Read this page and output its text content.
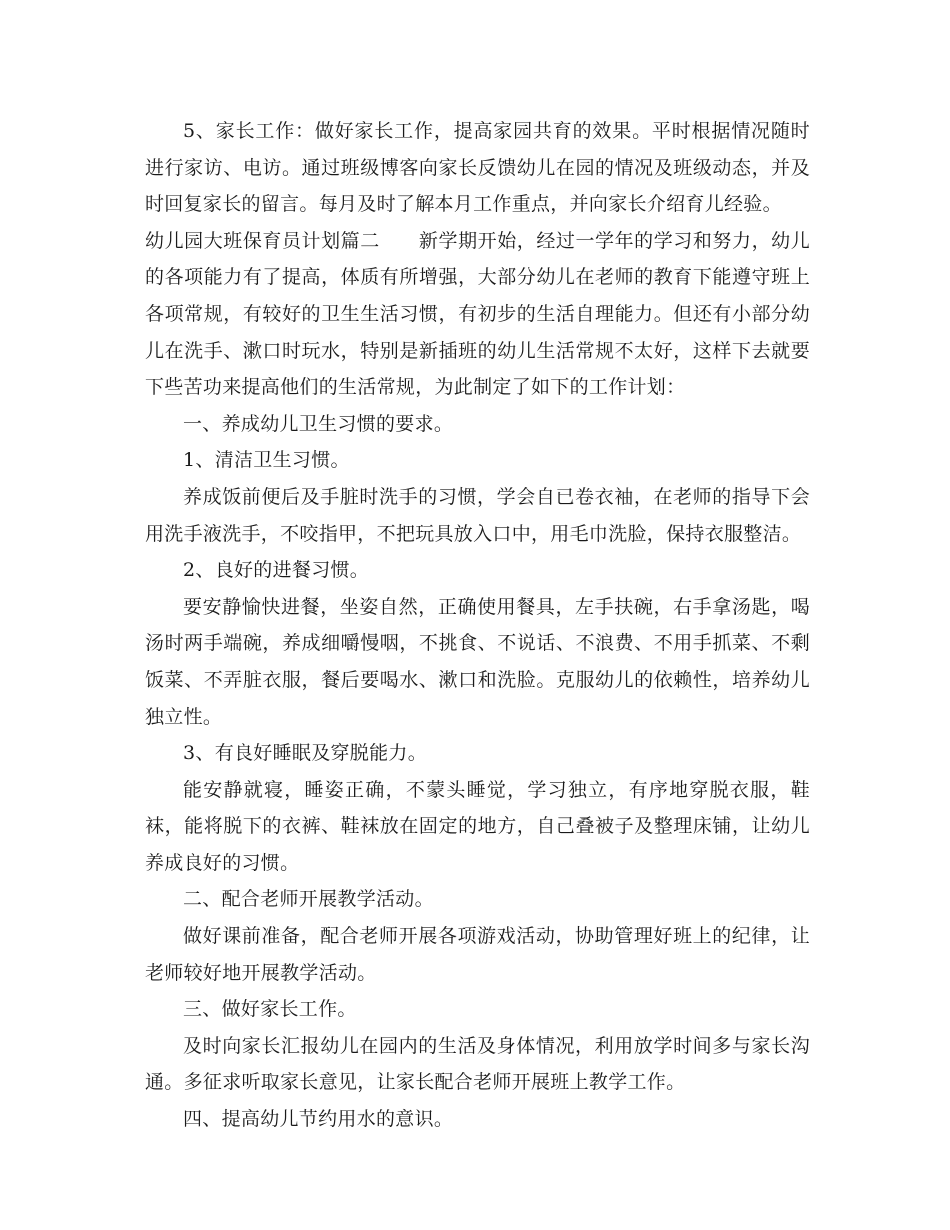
5、家长工作：做好家长工作，提高家园共育的效果。平时根据情况随时进行家访、电访。通过班级博客向家长反馈幼儿在园的情况及班级动态，并及时回复家长的留言。每月及时了解本月工作重点，并向家长介绍育儿经验。

幼儿园大班保育员计划篇二　　新学期开始，经过一学年的学习和努力，幼儿的各项能力有了提高，体质有所增强，大部分幼儿在老师的教育下能遵守班上各项常规，有较好的卫生生活习惯，有初步的生活自理能力。但还有小部分幼儿在洗手、漱口时玩水，特别是新插班的幼儿生活常规不太好，这样下去就要下些苦功来提高他们的生活常规，为此制定了如下的工作计划：

一、养成幼儿卫生习惯的要求。

1、清洁卫生习惯。

养成饭前便后及手脏时洗手的习惯，学会自已卷衣袖，在老师的指导下会用洗手液洗手，不咬指甲，不把玩具放入口中，用毛巾洗脸，保持衣服整洁。

2、良好的进餐习惯。

要安静愉快进餐，坐姿自然，正确使用餐具，左手扶碗，右手拿汤匙，喝汤时两手端碗，养成细嚼慢咽，不挑食、不说话、不浪费、不用手抓菜、不剩饭菜、不弄脏衣服，餐后要喝水、漱口和洗脸。克服幼儿的依赖性，培养幼儿独立性。

3、有良好睡眠及穿脱能力。

能安静就寝，睡姿正确，不蒙头睡觉，学习独立，有序地穿脱衣服，鞋袜，能将脱下的衣裤、鞋袜放在固定的地方，自己叠被子及整理床铺，让幼儿养成良好的习惯。

二、配合老师开展教学活动。

做好课前准备，配合老师开展各项游戏活动，协助管理好班上的纪律，让老师较好地开展教学活动。

三、做好家长工作。

及时向家长汇报幼儿在园内的生活及身体情况，利用放学时间多与家长沟通。多征求听取家长意见，让家长配合老师开展班上教学工作。

四、提高幼儿节约用水的意识。
